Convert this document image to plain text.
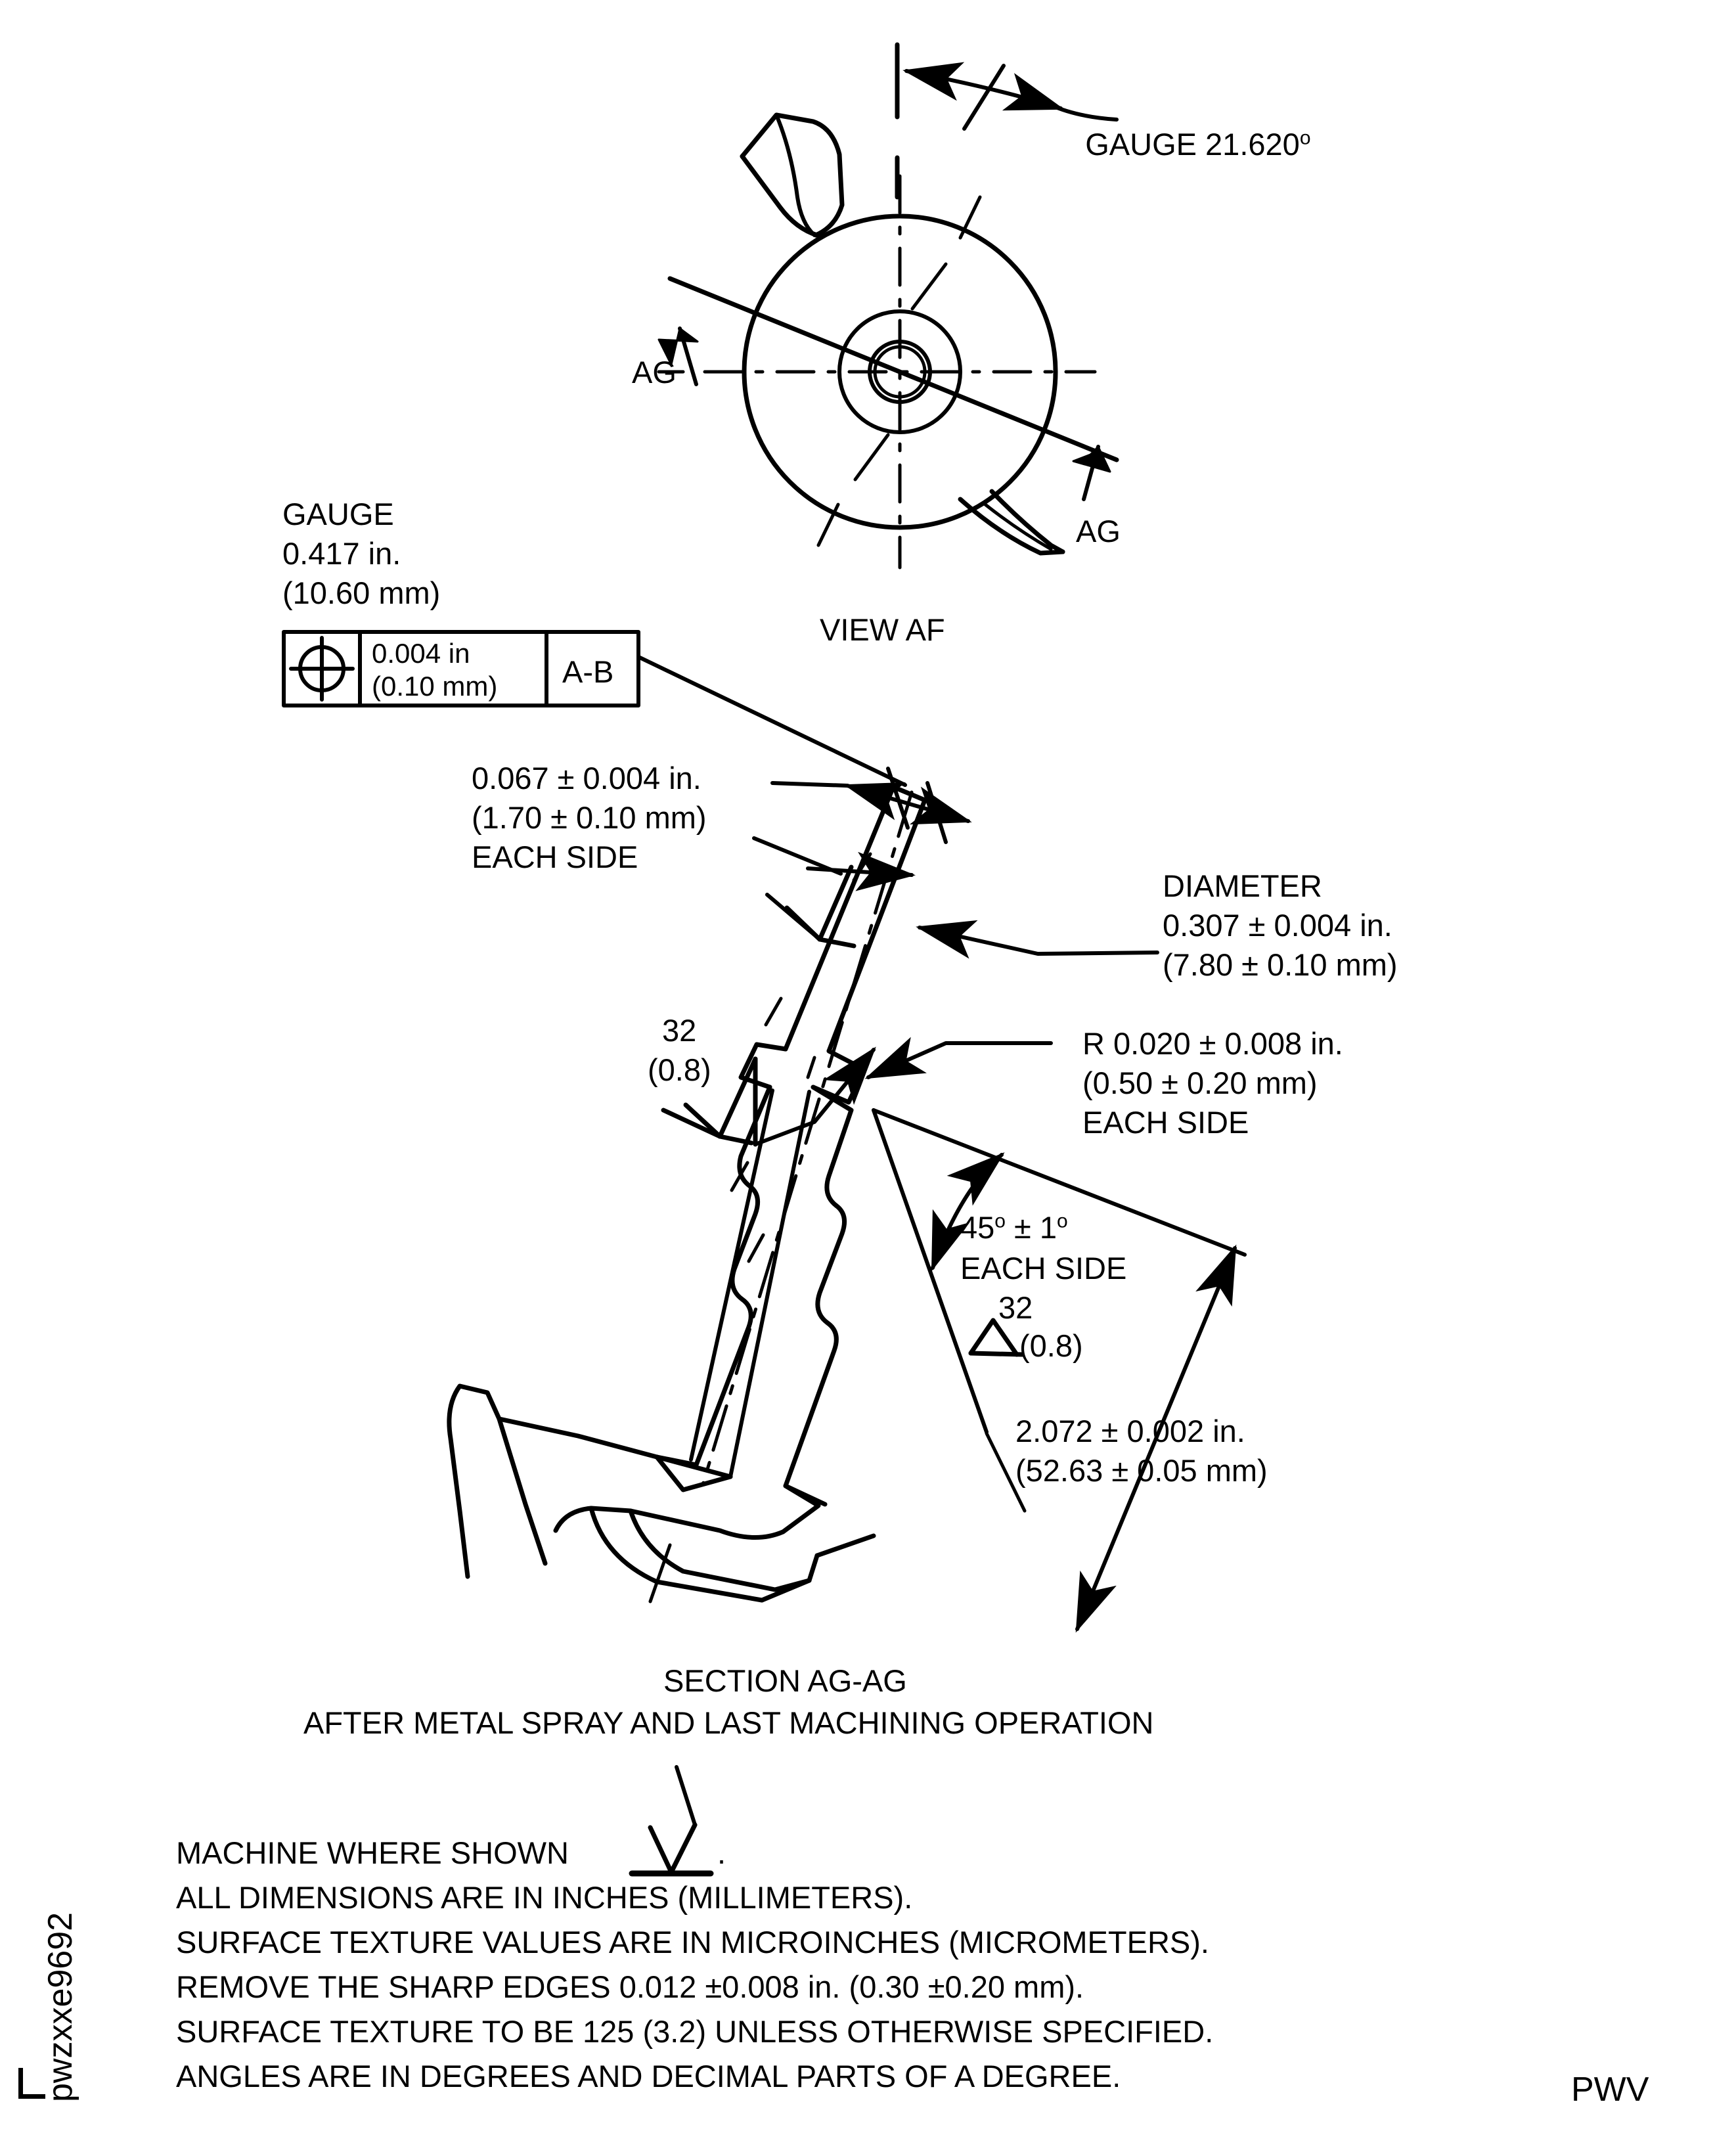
GAUGE 21.620$^o$

AG
AG
VIEW AF
GAUGE
0.417 in.
(10.60 mm)
0.004 in
(0.10 mm) A-B
0.067 ± 0.004 in.
(1.70 ± 0.10 mm)
EACH SIDE
DIAMETER
0.307 ± 0.004 in.
(7.80 ± 0.10 mm)
R 0.020 ± 0.008 in.
(0.50 ± 0.20 mm)
EACH SIDE
32
(0.8)
$45^o \pm 1^o$
EACH SIDE
32
(0.8)
2.072 ± 0.002 in.
(52.63 ± 0.05 mm)
SECTION AG-AG
AFTER METAL SPRAY AND LAST MACHINING OPERATION
MACHINE WHERE SHOWN	.
ALL DIMENSIONS ARE IN INCHES (MILLIMETERS).
SURFACE TEXTURE VALUES ARE IN MICROINCHES (MICROMETERS).
REMOVE THE SHARP EDGES 0.012 ±0.008 in. (0.30 ±0.20 mm).
SURFACE TEXTURE TO BE 125 (3.2) UNLESS OTHERWISE SPECIFIED.
ANGLES ARE IN DEGREES AND DECIMAL PARTS OF A DEGREE.
pwzxxe9692	PWV
